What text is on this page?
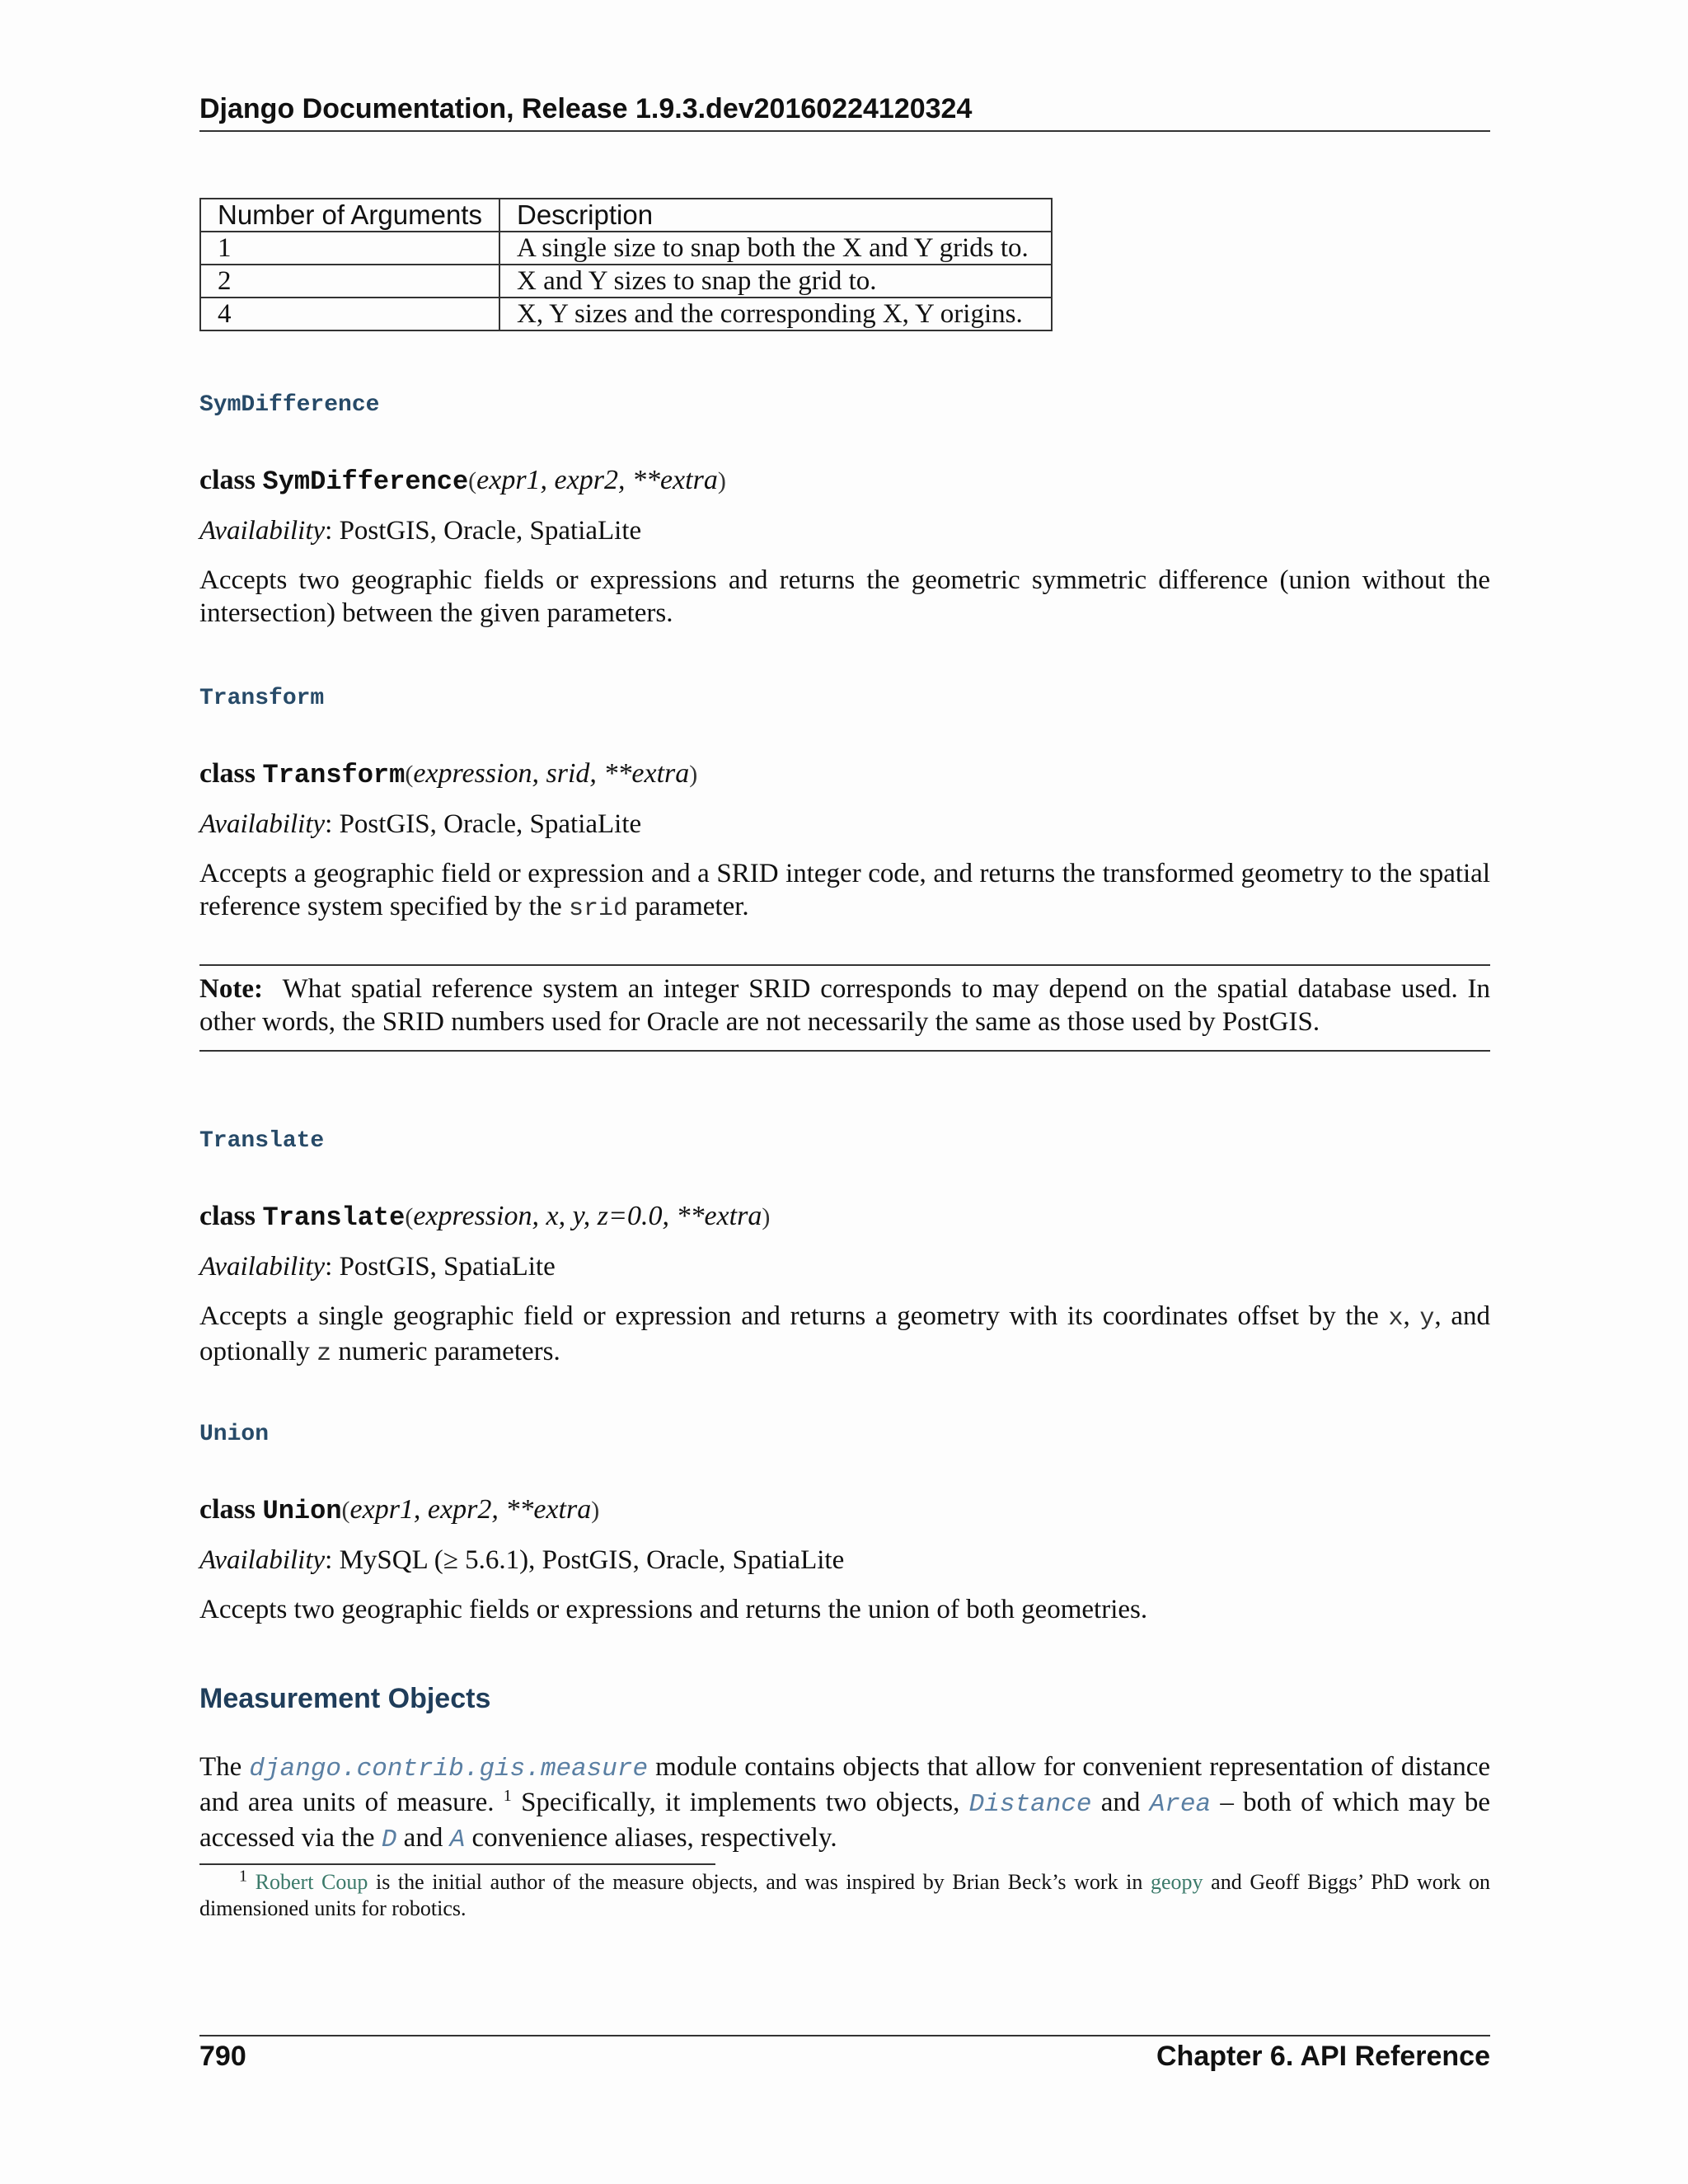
Django Documentation, Release 1.9.3.dev20160224120324
Number of Arguments	Description
1	A single size to snap both the X and Y grids to.
2	X and Y sizes to snap the grid to.
4	X, Y sizes and the corresponding X, Y origins.
SymDifference
class SymDifference(expr1, expr2, **extra)
Availability: PostGIS, Oracle, SpatiaLite
Accepts two geographic fields or expressions and returns the geometric symmetric difference (union without the intersection) between the given parameters.
Transform
class Transform(expression, srid, **extra)
Availability: PostGIS, Oracle, SpatiaLite
Accepts a geographic field or expression and a SRID integer code, and returns the transformed geometry to the spatial reference system specified by the srid parameter.
Note: What spatial reference system an integer SRID corresponds to may depend on the spatial database used. In other words, the SRID numbers used for Oracle are not necessarily the same as those used by PostGIS.
Translate
class Translate(expression, x, y, z=0.0, **extra)
Availability: PostGIS, SpatiaLite
Accepts a single geographic field or expression and returns a geometry with its coordinates offset by the x, y, and optionally z numeric parameters.
Union
class Union(expr1, expr2, **extra)
Availability: MySQL (≥ 5.6.1), PostGIS, Oracle, SpatiaLite
Accepts two geographic fields or expressions and returns the union of both geometries.
Measurement Objects
The django.contrib.gis.measure module contains objects that allow for convenient representation of distance and area units of measure. $^1$ Specifically, it implements two objects, Distance and Area – both of which may be accessed via the D and A convenience aliases, respectively.
$^1$ Robert Coup is the initial author of the measure objects, and was inspired by Brian Beck’s work in geopy and Geoff Biggs’ PhD work on dimensioned units for robotics.
790	Chapter 6. API Reference
